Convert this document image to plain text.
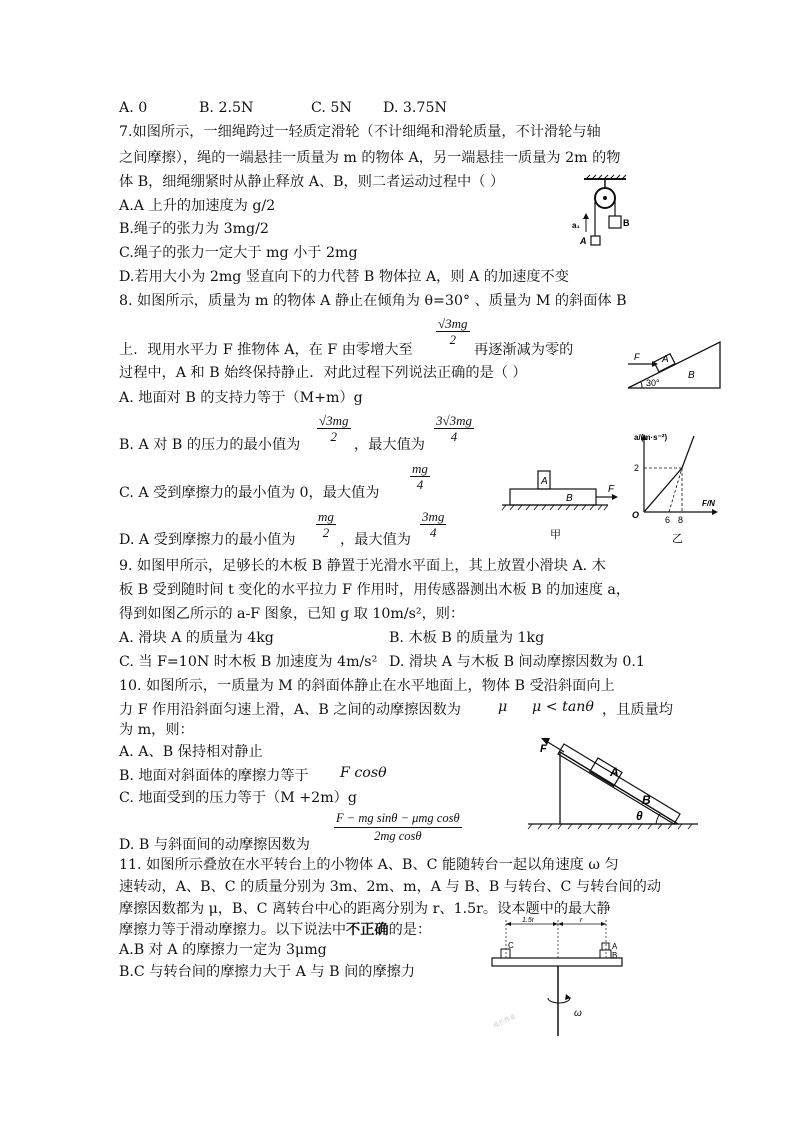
A. 0	B. 2.5N	C. 5N D. 3.75N
7.如图所示，一细绳跨过一轻质定滑轮（不计细绳和滑轮质量，不计滑轮与轴
之间摩擦），绳的一端悬挂一质量为 m 的物体 A，另一端悬挂一质量为 2m 的物
体 B，细绳绷紧时从静止释放 A、B，则二者运动过程中（ ）
A.A 上升的加速度为 g/2
B.绳子的张力为 3mg/2
C.绳子的张力一定大于 mg 小于 2mg
D.若用大小为 2mg 竖直向下的力代替 B 物体拉 A，则 A 的加速度不变
B
A
a₁
8. 如图所示，质量为 m 的物体 A 静止在倾角为 θ=30° 、质量为 M 的斜面体 B
$\frac{√3mg}{2}$
上．现用水平力 F 推物体 A，在 F 由零增大至	再逐渐减为零的
过程中，A 和 B 始终保持静止．对此过程下列说法正确的是（ ）
A. 地面对 B 的支持力等于（M+m）g
B. A 对 B 的压力的最小值为
$\frac{√3mg}{2}$
，最大值为
$\frac{3√3mg}{4}$
C. A 受到摩擦力的最小值为 0，最大值为
$\frac{mg}{4}$
D. A 受到摩擦力的最小值为 $\frac{mg}{2}$ ，最大值为 $\frac{3mg}{4}$
A
F
B
30°
A
B
F
甲
a/(m·s⁻²)
F/N
O
2
6 8
乙
9. 如图甲所示，足够长的木板 B 静置于光滑水平面上，其上放置小滑块 A. 木
板 B 受到随时间 t 变化的水平拉力 F 作用时，用传感器测出木板 B 的加速度 a，
得到如图乙所示的 a-F 图象，已知 g 取 10m/s²，则：
A. 滑块 A 的质量为 4kg	B. 木板 B 的质量为 1kg
C. 当 F=10N 时木板 B 加速度为 4m/s² D. 滑块 A 与木板 B 间动摩擦因数为 0.1
10. 如图所示，一质量为 M 的斜面体静止在水平地面上，物体 B 受沿斜面向上
力 F 作用沿斜面匀速上滑，A、B 之间的动摩擦因数为	μ μ < tanθ ，且质量均
为 m，则：
A. A、B 保持相对静止
B. 地面对斜面体的摩擦力等于 F cosθ
C. 地面受到的压力等于（M +2m）g
F − mg sinθ − μmg cosθ
2mg cosθ
D. B 与斜面间的动摩擦因数为
A
B
F
θ
11. 如图所示叠放在水平转台上的小物体 A、B、C 能随转台一起以角速度 ω 匀
速转动，A、B、C 的质量分别为 3m、2m、m，A 与 B、B 与转台、C 与转台间的动
摩擦因数都为 μ，B、C 离转台中心的距离分别为 r、1.5r。设本题中的最大静
摩擦力等于滑动摩擦力。以下说法中不正确的是：
A.B 对 A 的摩擦力一定为 3μmg
B.C 与转台间的摩擦力大于 A 与 B 间的摩擦力
1.5r	r
C	A
B
ω
成长作业
